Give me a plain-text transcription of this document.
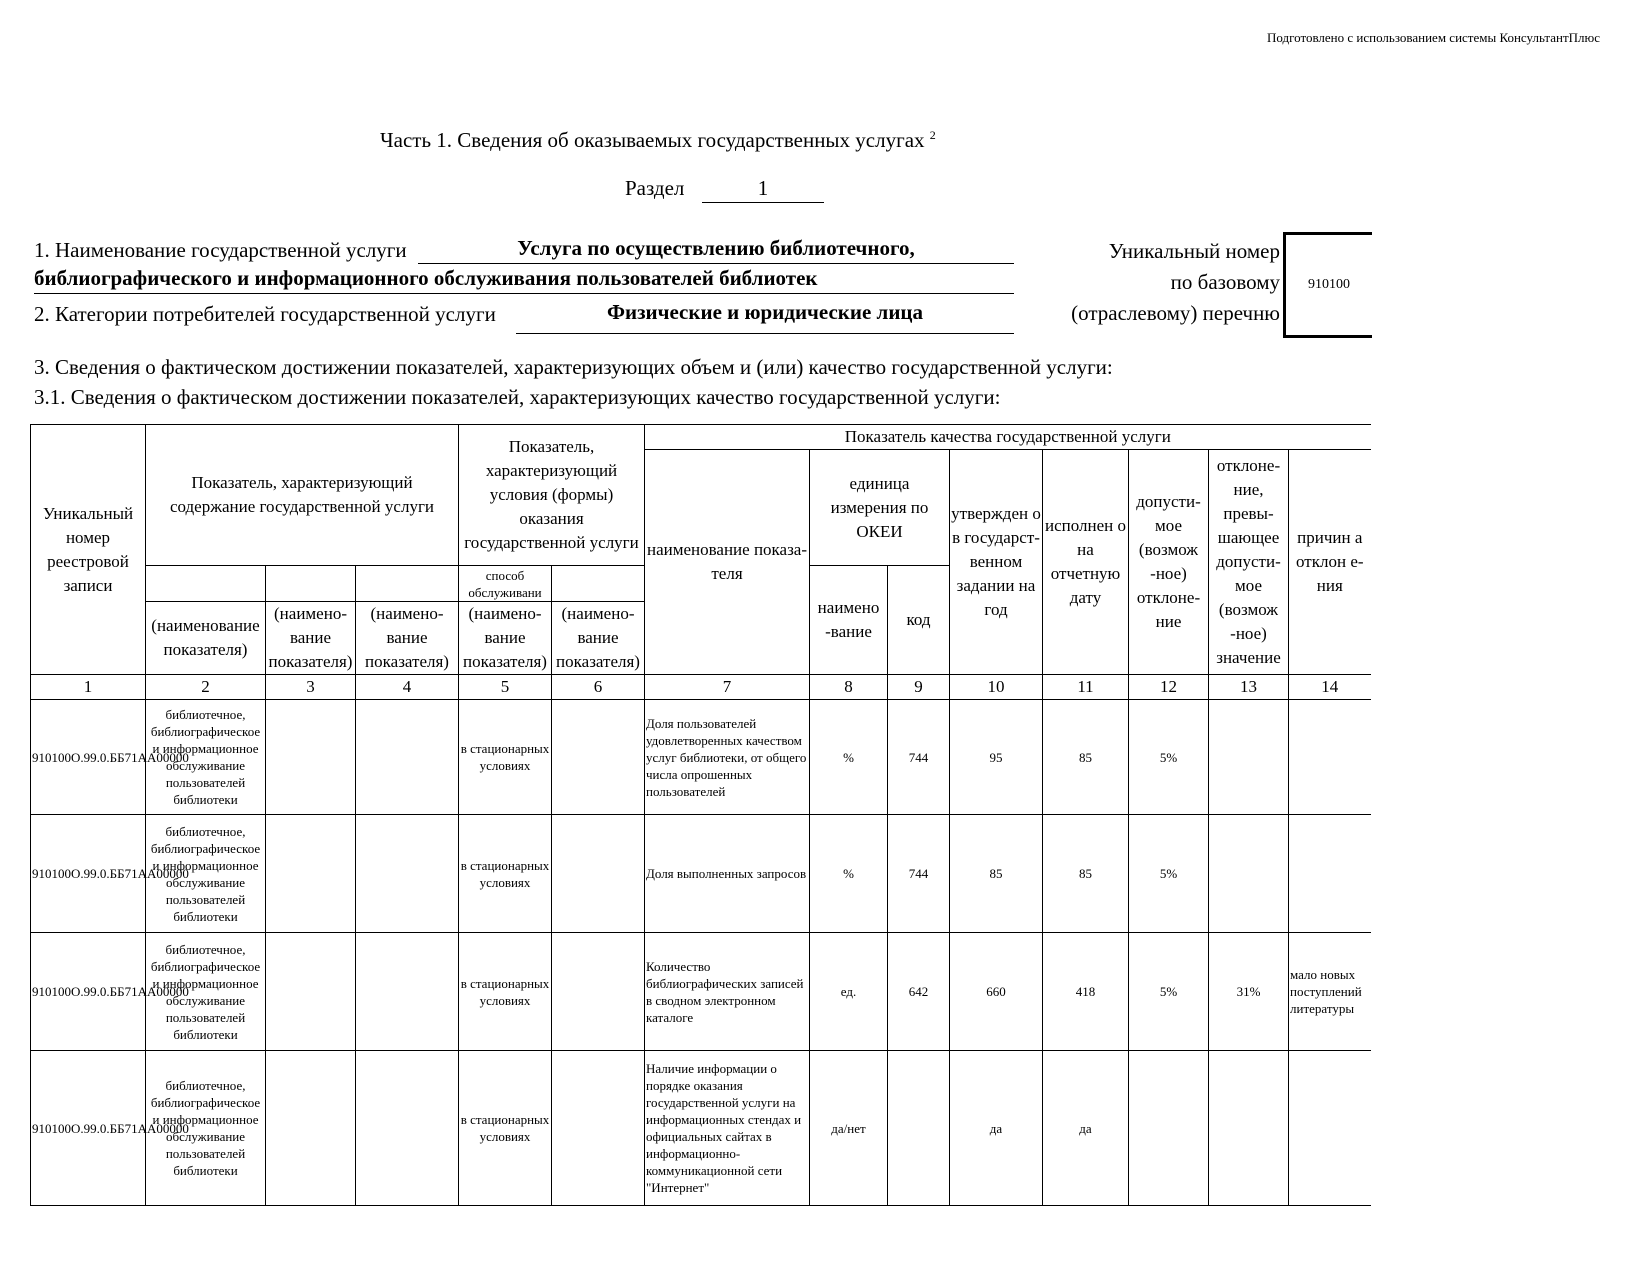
Подготовлено с использованием системы КонсультантПлюс
Часть 1. Сведения об оказываемых государственных услугах $^2$
Раздел	1
1. Наименование государственной услуги	Услуга по осуществлению библиотечного,
библиографического и информационного обслуживания пользователей библиотек
2. Категории потребителей государственной услуги	Физические и юридические лица
Уникальный номер
по базовому
(отраслевому) перечню
910100
3. Сведения о фактическом достижении показателей, характеризующих объем и (или) качество государственной услуги:
3.1. Сведения о фактическом достижении показателей, характеризующих качество государственной услуги:
Уникальный номер реестровой записи	Показатель, характеризующий содержание государственной услуги			Показатель, характеризующий условия (формы) оказания государственной услуги		Показатель качества государственной услуги							
						наименование показа- теля	единица измерения по ОКЕИ		утвержден о в государст- венном задании на год	исполнен о на отчетную дату	допусти- мое (возмож -ное) отклоне- ние	отклоне- ние, превы- шающее допусти- мое (возмож -ное) значение	причин а отклон е-ния
				способ обслуживани			наимено -вание	код					
	(наименование показателя)	(наимено- вание показателя)	(наимено- вание показателя)	(наимено- вание показателя)	(наимено- вание показателя)								
1	2	3	4	5	6	7	8	9	10	11	12	13	14
910100О.99.0.ББ71АА00000	библиотечное, библиографическое и информационное обслуживание пользователей библиотеки			в стационарных условиях		Доля пользователей удовлетворенных качеством услуг библиотеки, от общего числа опрошенных пользователей	%	744	95	85	5%		
910100О.99.0.ББ71АА00000	библиотечное, библиографическое и информационное обслуживание пользователей библиотеки			в стационарных условиях		Доля выполненных запросов	%	744	85	85	5%		
910100О.99.0.ББ71АА00000	библиотечное, библиографическое и информационное обслуживание пользователей библиотеки			в стационарных условиях		Количество библиографических записей в сводном электронном каталоге	ед.	642	660	418	5%	31%	мало новых поступлений литературы
910100О.99.0.ББ71АА00000	библиотечное, библиографическое и информационное обслуживание пользователей библиотеки			в стационарных условиях		Наличие информации о порядке оказания государственной услуги на информационных стендах и официальных сайтах в информационно-коммуникационной сети "Интернет"	да/нет		да	да			
